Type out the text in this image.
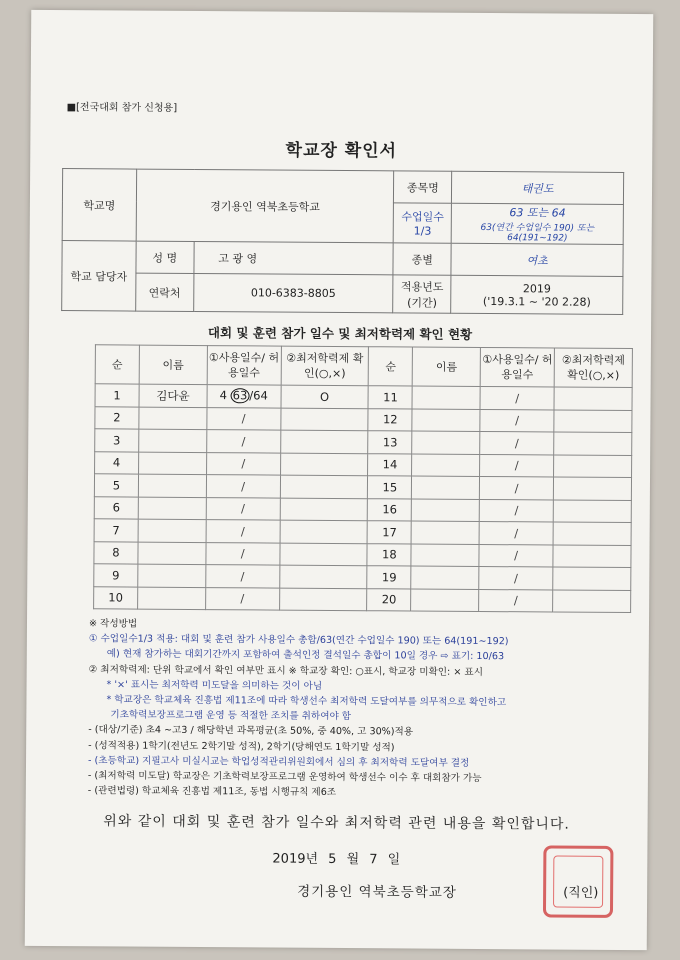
■[전국대회 참가 신청용]
학교장 확인서
학교명	경기용인 역북초등학교		종목명	태권도
			수업일수 1/3	63 또는 64
63(연간 수업일수 190) 또는 64(191~192)

학교 담당자	성 명	고 광 영	종별	여초
	연락처	010-6383-8805	적용년도 (기간)	2019
('19.3.1 ~ '20 2.28)
대회 및 훈련 참가 일수 및 최저학력제 확인 현황
순	이름	①사용일수/ 허용일수	②최저학력제 확인(○,×)	순	이름	①사용일수/ 허용일수	②최저학력제 확인(○,×)
1	김다윤	4 63 /64	O	11		/	
2		/		12		/	
3		/		13		/	
4		/		14		/	
5		/		15		/	
6		/		16		/	
7		/		17		/	
8		/		18		/	
9		/		19		/	
10		/		20		/	
※ 작성방법
① 수업일수1/3 적용: 대회 및 훈련 참가 사용일수 총합/63(연간 수업일수 190) 또는 64(191~192)
예) 현재 참가하는 대회기간까지 포함하여 출석인정 결석일수 총합이 10일 경우 ⇨ 표기: 10/63
② 최저학력제: 단위 학교에서 확인 여부만 표시 ※ 학교장 확인: ○표시, 학교장 미확인: × 표시
* '×' 표시는 최저학력 미도달을 의미하는 것이 아님
* 학교장은 학교체육 진흥법 제11조에 따라 학생선수 최저학력 도달여부를 의무적으로 확인하고
기초학력보장프로그램 운영 등 적절한 조치를 취하여야 함
- (대상/기준) 초4 ~고3 / 해당학년 과목평균(초 50%, 중 40%, 고 30%)적용
- (성적적용) 1학기(전년도 2학기말 성적), 2학기(당해연도 1학기말 성적)
- (초등학교) 지필고사 미실시교는 학업성적관리위원회에서 심의 후 최저학력 도달여부 결정
- (최저학력 미도달) 학교장은 기초학력보장프로그램 운영하여 학생선수 이수 후 대회참가 가능
- (관련법령) 학교체육 진흥법 제11조, 동법 시행규칙 제6조
위와 같이 대회 및 훈련 참가 일수와 최저학력 관련 내용을 확인합니다.
2019년 5 월 7 일
경기용인 역북초등학교장	(직인)
